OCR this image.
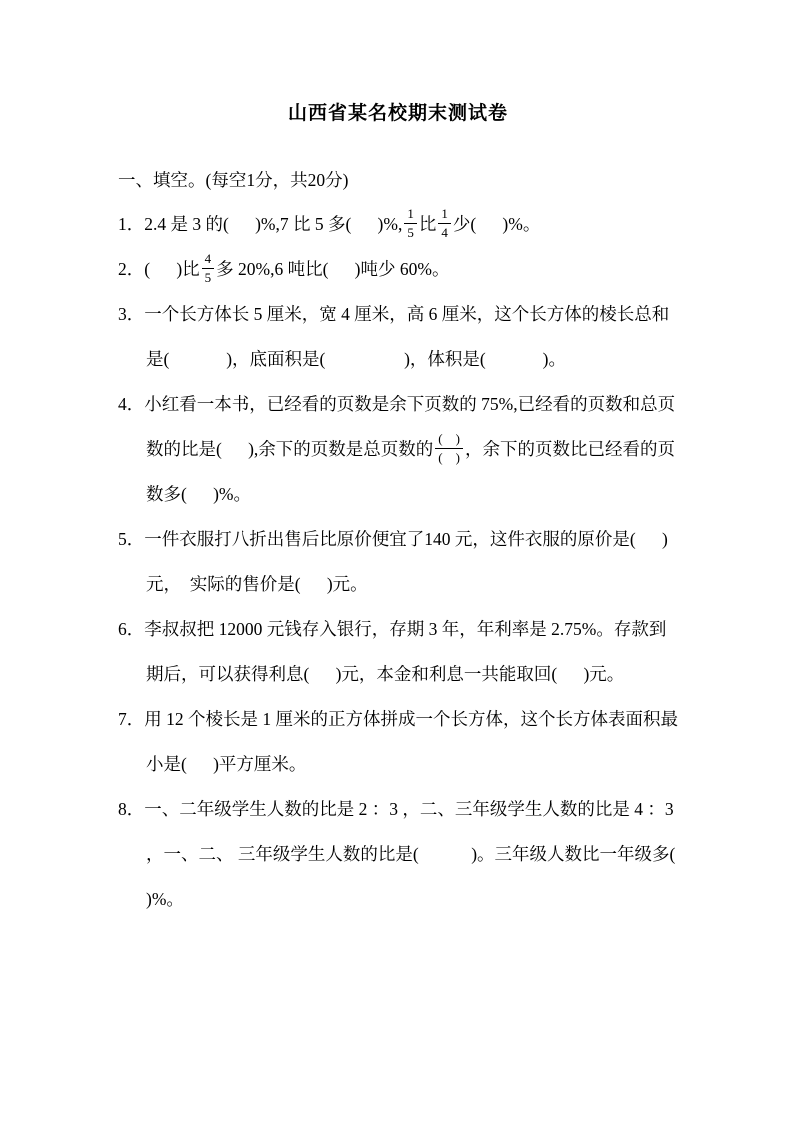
山西省某名校期末测试卷
一、填空。(每空1分，共20分)
1．2.4 是 3 的(      )%,7 比 5 多(      )%, $\frac{1}{5}$ 比 $\frac{1}{4}$ 少(      )%。
2．(      )比 $\frac{4}{5}$ 多 20%,6 吨比(      )吨少 60%。
3．一个长方体长 5 厘米，宽 4 厘米，高 6 厘米，这个长方体的棱长总和是(             )，底面积是(                  )，体积是(             )。
4．小红看一本书，已经看的页数是余下页数的 75%,已经看的页数和总页数的比是(      ),余下的页数是总页数的 $\frac{( )}{( )}$ ，余下的页数比已经看的页数多(      )%。
5．一件衣服打八折出售后比原价便宜了140 元，这件衣服的原价是(      )元，  实际的售价是(      )元。
6．李叔叔把 12000 元钱存入银行，存期 3 年，年利率是 2.75%。存款到期后，可以获得利息(      )元，本金和利息一共能取回(      )元。
7．用 12 个棱长是 1 厘米的正方体拼成一个长方体，这个长方体表面积最小是(      )平方厘米。
8．一、二年级学生人数的比是 2 ：3 ，二、三年级学生人数的比是 4 ：3 ，一、二、 三年级学生人数的比是(            )。三年级人数比一年级多(      )%。
